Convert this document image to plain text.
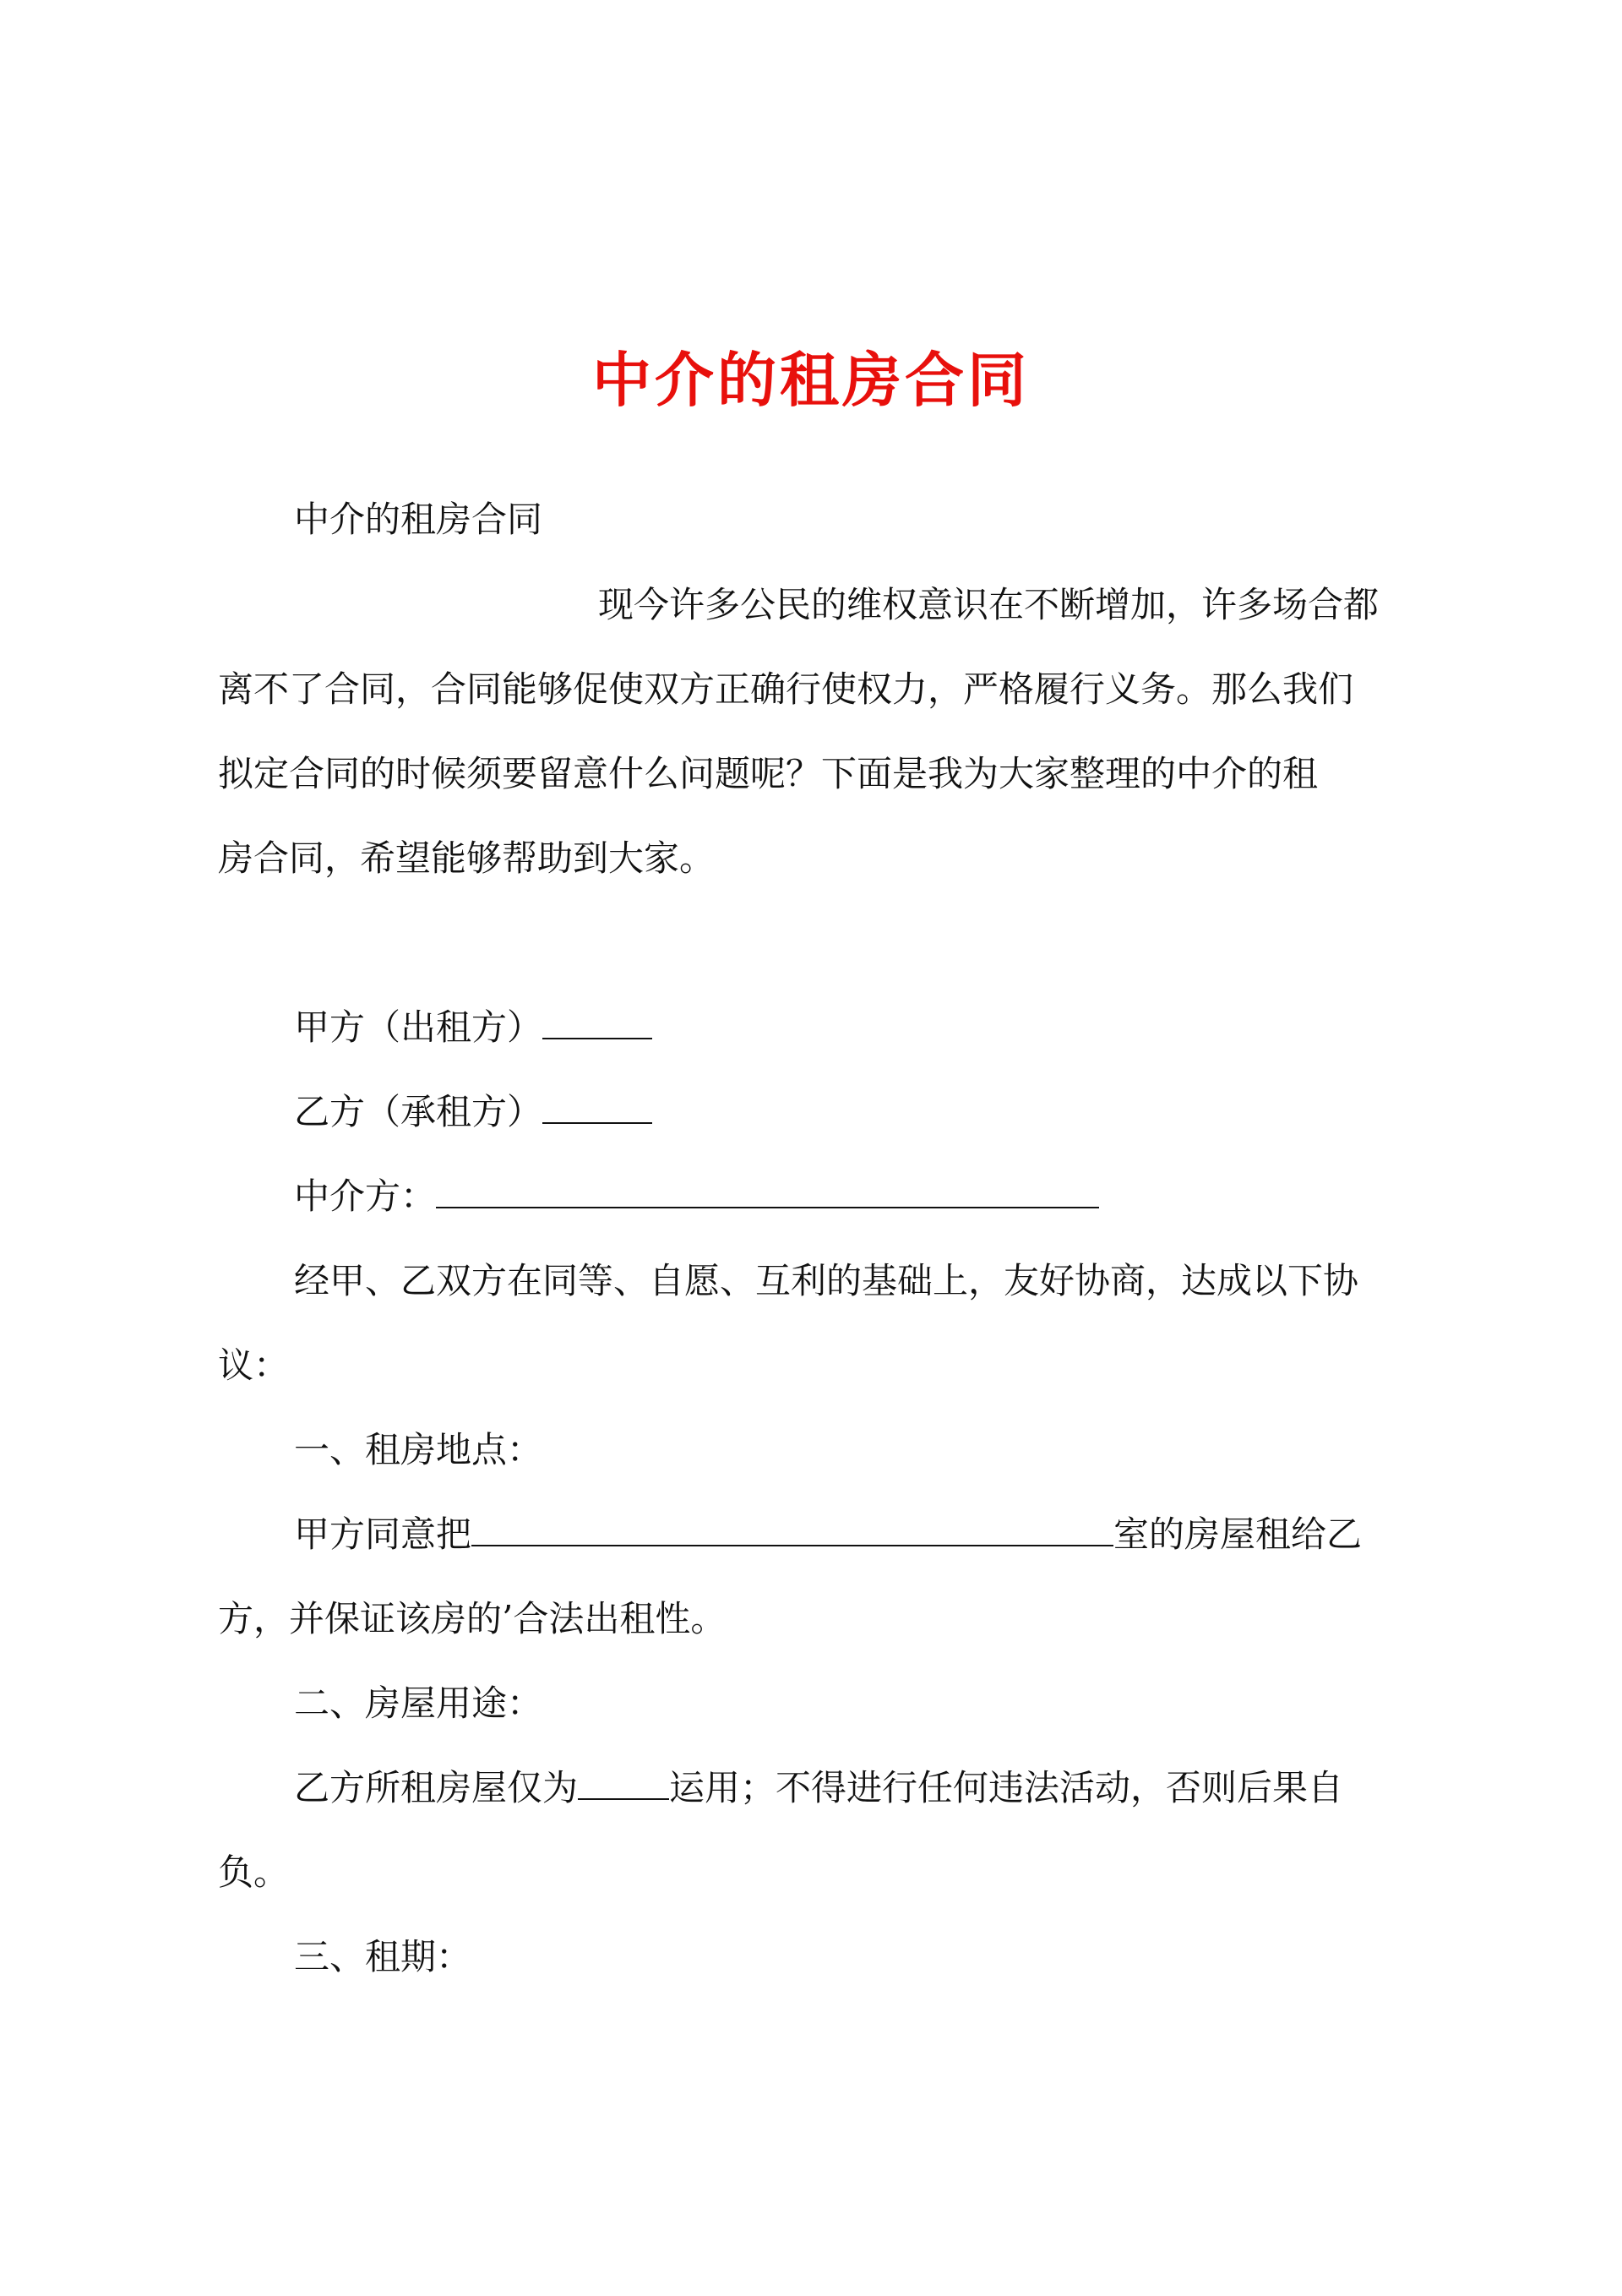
中介的租房合同
中介的租房合同
现今许多公民的维权意识在不断增加，许多场合都
离不了合同，合同能够促使双方正确行使权力，严格履行义务。那么我们
拟定合同的时候须要留意什么问题呢？下面是我为大家整理的中介的租
房合同，希望能够帮助到大家。
甲方（出租方）
乙方（承租方）
中介方：
经甲、乙双方在同等、自愿、互利的基础上，友好协商，达成以下协
议：
一、租房地点：
甲方同意把	室的房屋租给乙
方，并保证该房的’合法出租性。
二、房屋用途：
乙方所租房屋仅为	运用；不得进行任何违法活动，否则后果自
负。
三、租期：
